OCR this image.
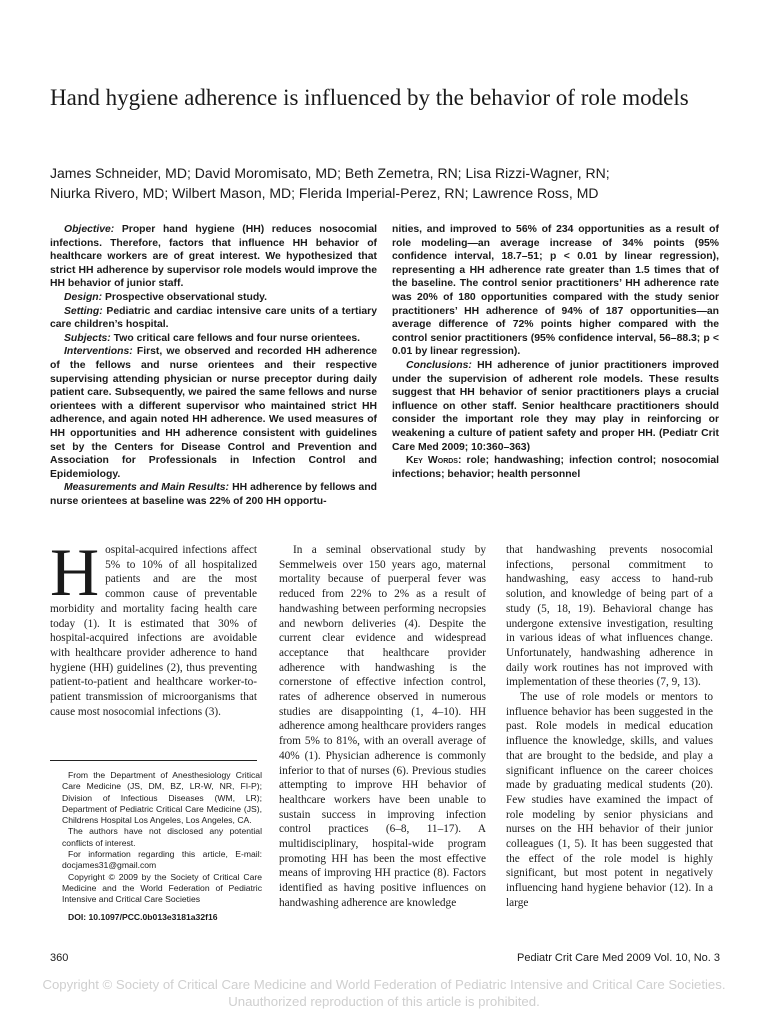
Hand hygiene adherence is influenced by the behavior of role models
James Schneider, MD; David Moromisato, MD; Beth Zemetra, RN; Lisa Rizzi-Wagner, RN;
Niurka Rivero, MD; Wilbert Mason, MD; Flerida Imperial-Perez, RN; Lawrence Ross, MD

Objective: Proper hand hygiene (HH) reduces nosocomial infections. Therefore, factors that influence HH behavior of healthcare workers are of great interest. We hypothesized that strict HH adherence by supervisor role models would improve the HH behavior of junior staff.

Design: Prospective observational study.

Setting: Pediatric and cardiac intensive care units of a tertiary care children’s hospital.

Subjects: Two critical care fellows and four nurse orientees.

Interventions: First, we observed and recorded HH adherence of the fellows and nurse orientees and their respective supervising attending physician or nurse preceptor during daily patient care. Subsequently, we paired the same fellows and nurse orientees with a different supervisor who maintained strict HH adherence, and again noted HH adherence. We used measures of HH opportunities and HH adherence consistent with guidelines set by the Centers for Disease Control and Prevention and Association for Professionals in Infection Control and Epidemiology.

Measurements and Main Results: HH adherence by fellows and nurse orientees at baseline was 22% of 200 HH opportu-

nities, and improved to 56% of 234 opportunities as a result of role modeling—an average increase of 34% points (95% confidence interval, 18.7–51; p < 0.01 by linear regression), representing a HH adherence rate greater than 1.5 times that of the baseline. The control senior practitioners’ HH adherence rate was 20% of 180 opportunities compared with the study senior practitioners’ HH adherence of 94% of 187 opportunities—an average difference of 72% points higher compared with the control senior practitioners (95% confidence interval, 56–88.3; p < 0.01 by linear regression).

Conclusions: HH adherence of junior practitioners improved under the supervision of adherent role models. These results suggest that HH behavior of senior practitioners plays a crucial influence on other staff. Senior healthcare practitioners should consider the important role they may play in reinforcing or weakening a culture of patient safety and proper HH. (Pediatr Crit Care Med 2009; 10:360–363)

Key Words: role; handwashing; infection control; nosocomial infections; behavior; health personnel

Hospital-acquired infections affect 5% to 10% of all hospitalized patients and are the most common cause of preventable morbidity and mortality facing health care today (1). It is estimated that 30% of hospital-acquired infections are avoidable with healthcare provider adherence to hand hygiene (HH) guidelines (2), thus preventing patient-to-patient and healthcare worker-to-patient transmission of microorganisms that cause most nosocomial infections (3).

In a seminal observational study by Semmelweis over 150 years ago, maternal mortality because of puerperal fever was reduced from 22% to 2% as a result of handwashing between performing necropsies and newborn deliveries (4). Despite the current clear evidence and widespread acceptance that healthcare provider adherence with handwashing is the cornerstone of effective infection control, rates of adherence observed in numerous studies are disappointing (1, 4–10). HH adherence among healthcare providers ranges from 5% to 81%, with an overall average of 40% (1). Physician adherence is commonly inferior to that of nurses (6). Previous studies attempting to improve HH behavior of healthcare workers have been unable to sustain success in improving infection control practices (6–8, 11–17). A multidisciplinary, hospital-wide program promoting HH has been the most effective means of improving HH practice (8). Factors identified as having positive influences on handwashing adherence are knowledge

that handwashing prevents nosocomial infections, personal commitment to handwashing, easy access to hand-rub solution, and knowledge of being part of a study (5, 18, 19). Behavioral change has undergone extensive investigation, resulting in various ideas of what influences change. Unfortunately, handwashing adherence in daily work routines has not improved with implementation of these theories (7, 9, 13).

The use of role models or mentors to influence behavior has been suggested in the past. Role models in medical education influence the knowledge, skills, and values that are brought to the bedside, and play a significant influence on the career choices made by graduating medical students (20). Few studies have examined the impact of role modeling by senior physicians and nurses on the HH behavior of their junior colleagues (1, 5). It has been suggested that the effect of the role model is highly significant, but most potent in negatively influencing hand hygiene behavior (12). In a large

From the Department of Anesthesiology Critical Care Medicine (JS, DM, BZ, LR-W, NR, FI-P); Division of Infectious Diseases (WM, LR); Department of Pediatric Critical Care Medicine (JS), Childrens Hospital Los Angeles, Los Angeles, CA.

The authors have not disclosed any potential conflicts of interest.

For information regarding this article, E-mail: docjames31@gmail.com

Copyright © 2009 by the Society of Critical Care Medicine and the World Federation of Pediatric Intensive and Critical Care Societies

DOI: 10.1097/PCC.0b013e3181a32f16

360	Pediatr Crit Care Med 2009 Vol. 10, No. 3
Copyright © Society of Critical Care Medicine and World Federation of Pediatric Intensive and Critical Care Societies.
Unauthorized reproduction of this article is prohibited.
